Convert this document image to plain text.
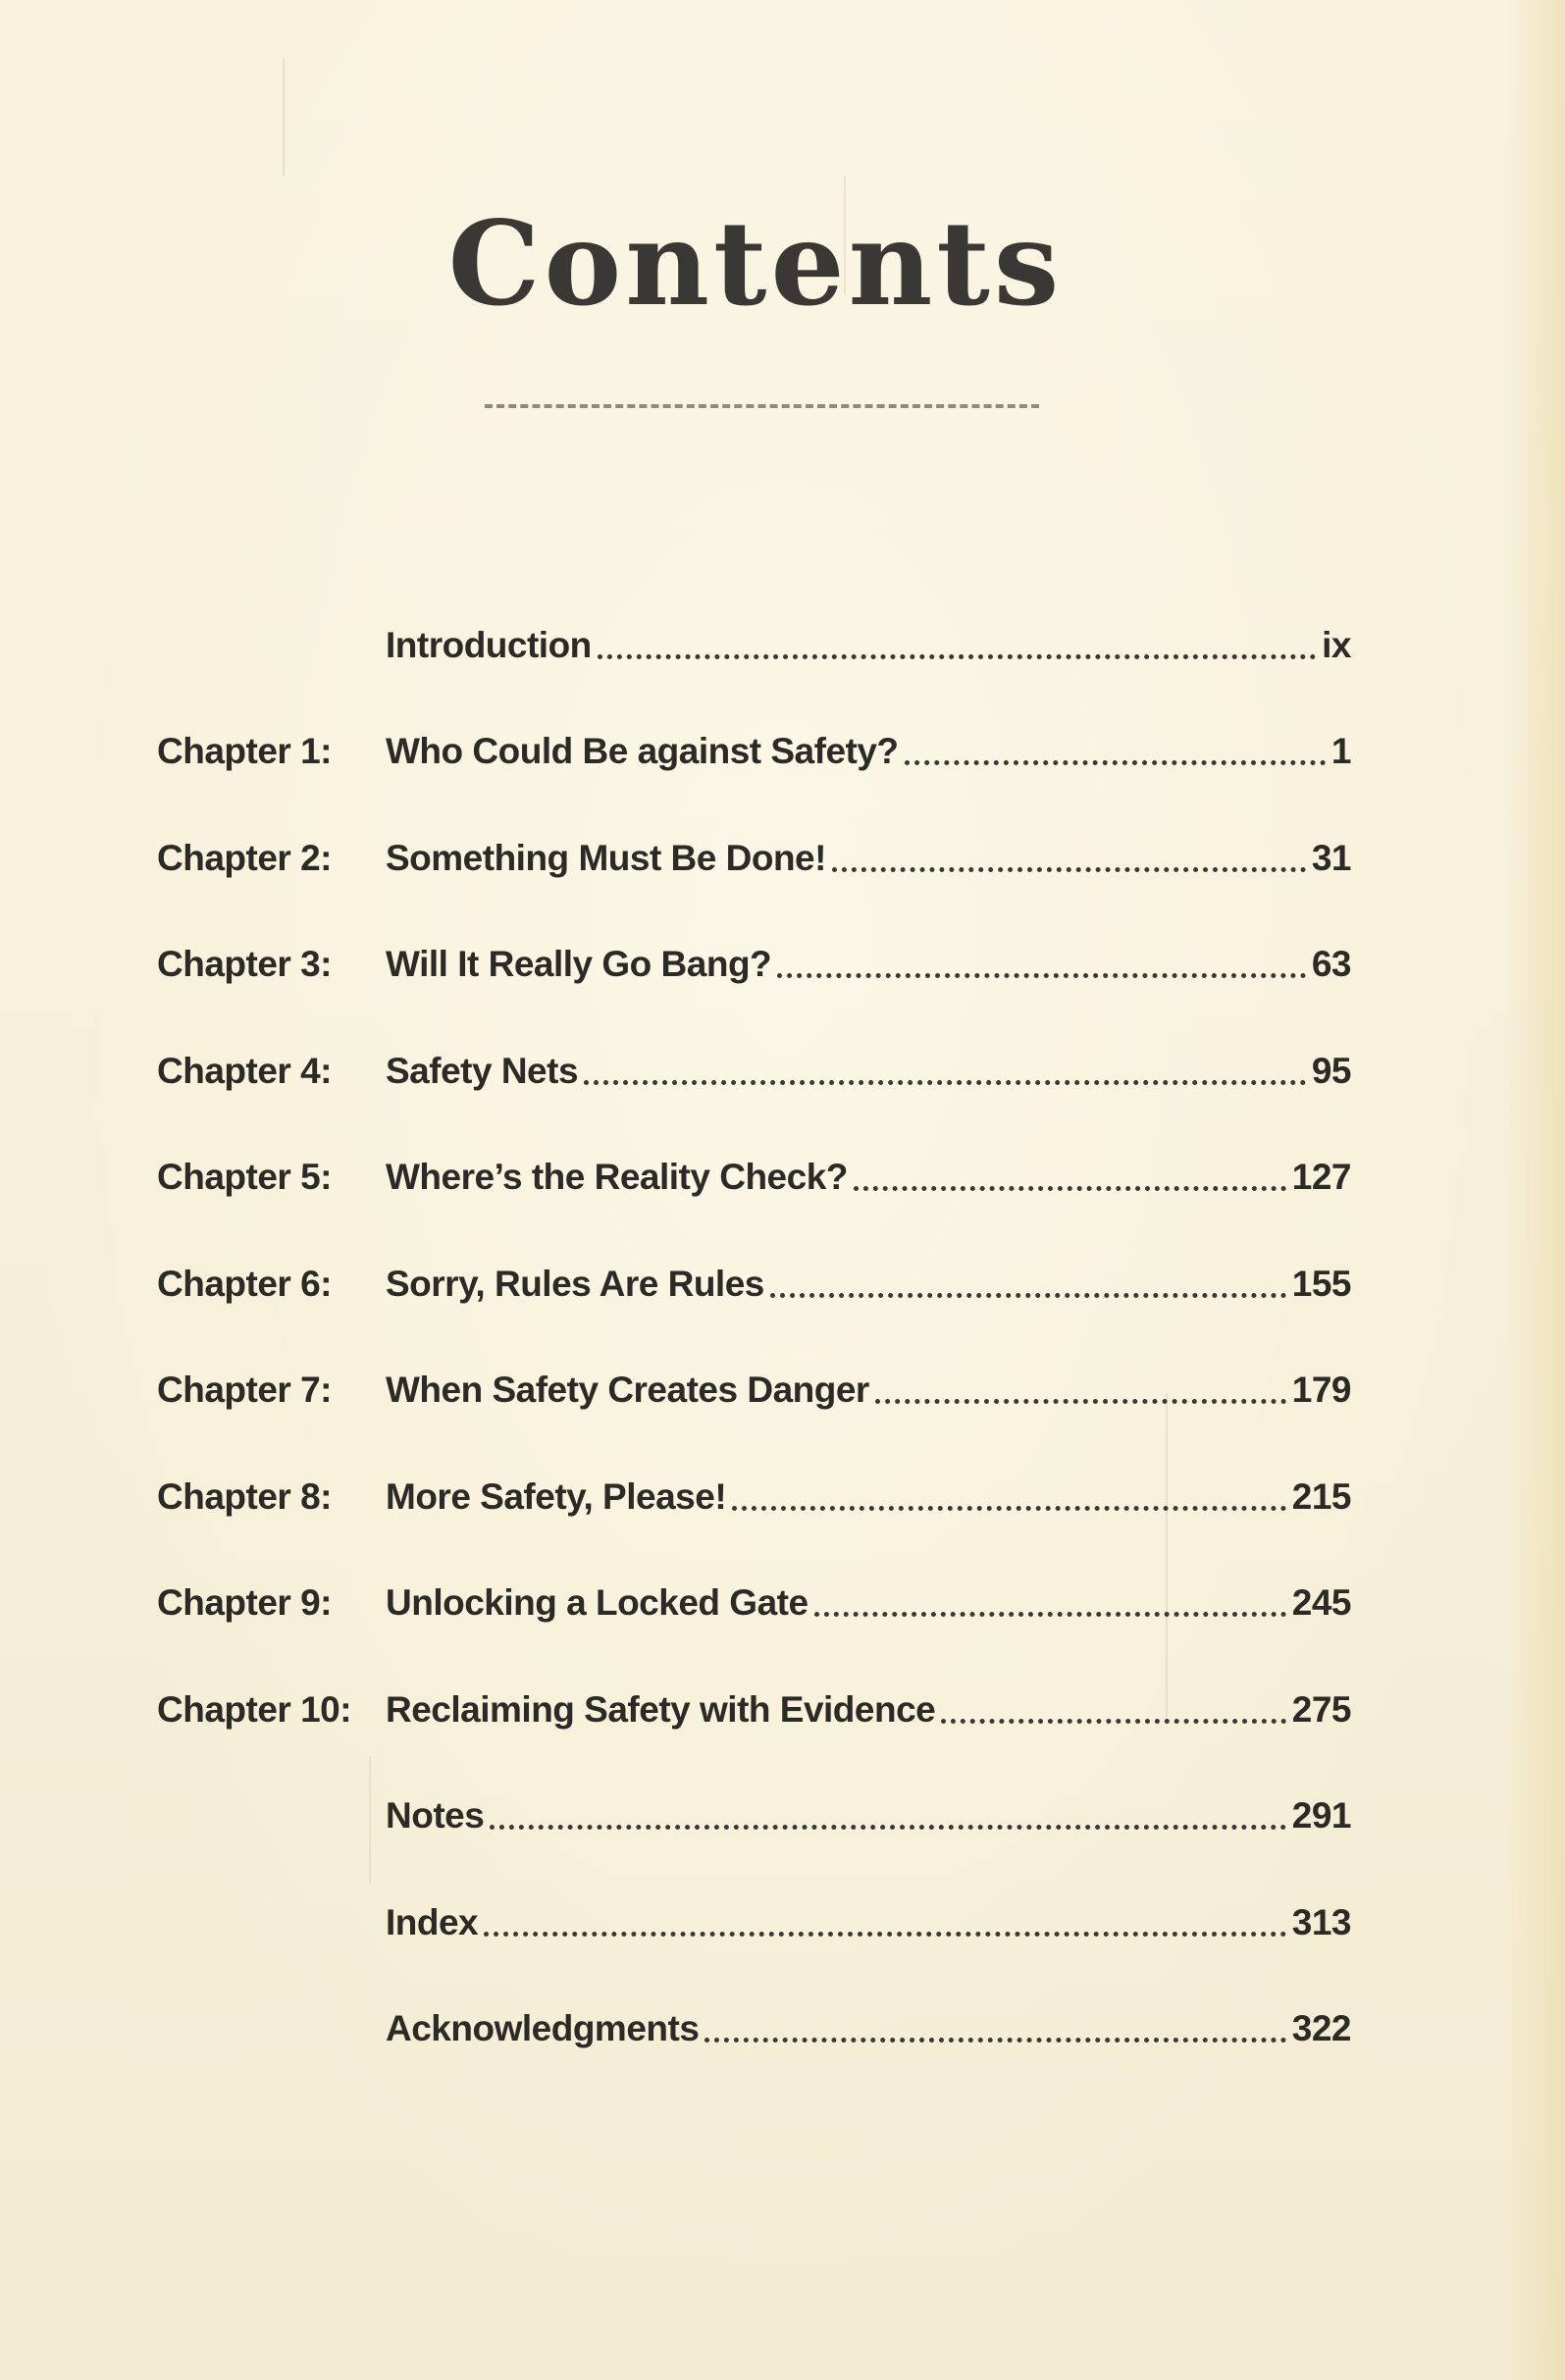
Contents
Introduction	ix
Chapter 1: Who Could Be against Safety?	1
Chapter 2: Something Must Be Done!	31
Chapter 3: Will It Really Go Bang?	63
Chapter 4: Safety Nets	95
Chapter 5: Where’s the Reality Check?	127
Chapter 6: Sorry, Rules Are Rules	155
Chapter 7: When Safety Creates Danger	179
Chapter 8: More Safety, Please!	215
Chapter 9: Unlocking a Locked Gate	245
Chapter 10: Reclaiming Safety with Evidence	275
Notes	291
Index	313
Acknowledgments	322
